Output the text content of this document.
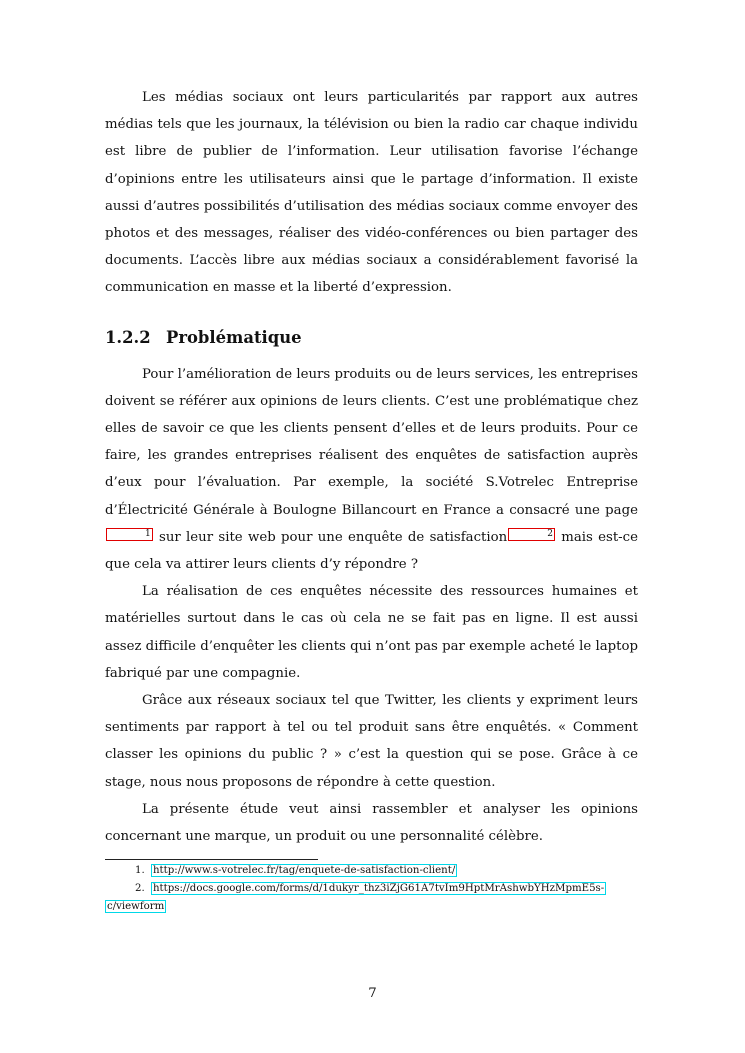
Les médias sociaux ont leurs particularités par rapport aux autres médias tels que les journaux, la télévision ou bien la radio car chaque individu est libre de publier de l’information. Leur utilisation favorise l’échange d’opinions entre les utilisateurs ainsi que le partage d’information. Il existe aussi d’autres possibilités d’utilisation des médias sociaux comme envoyer des photos et des messages, réaliser des vidéo-conférences ou bien partager des documents. L’accès libre aux médias sociaux a considérablement favorisé la communication en masse et la liberté d’expression.

1.2.2 Problématique

Pour l’amélioration de leurs produits ou de leurs services, les entreprises doivent se référer aux opinions de leurs clients. C’est une problématique chez elles de savoir ce que les clients pensent d’elles et de leurs produits. Pour ce faire, les grandes entreprises réalisent des enquêtes de satisfaction auprès d’eux pour l’évaluation. Par exemple, la société S.Votrelec Entreprise d’Électricité Générale à Boulogne Billancourt en France a consacré une page1 sur leur site web pour une enquête de satisfaction	2 mais est-ce que cela va attirer leurs clients d’y répondre ?

La réalisation de ces enquêtes nécessite des ressources humaines et matérielles surtout dans le cas où cela ne se fait pas en ligne. Il est aussi assez difficile d’enquêter les clients qui n’ont pas par exemple acheté le laptop fabriqué par une compagnie.

Grâce aux réseaux sociaux tel que Twitter, les clients y expriment leurs sentiments par rapport à tel ou tel produit sans être enquêtés. « Comment classer les opinions du public ? » c’est la question qui se pose. Grâce à ce stage, nous nous proposons de répondre à cette question.

La présente étude veut ainsi rassembler et analyser les opinions concernant une marque, un produit ou une personnalité célèbre.

1. http://www.s-votrelec.fr/tag/enquete-de-satisfaction-client/
2. https://docs.google.com/forms/d/1dukyr_thz3iZjG61A7tvIm9HptMrAshwbYHzMpmE5s-
c/viewform
7
